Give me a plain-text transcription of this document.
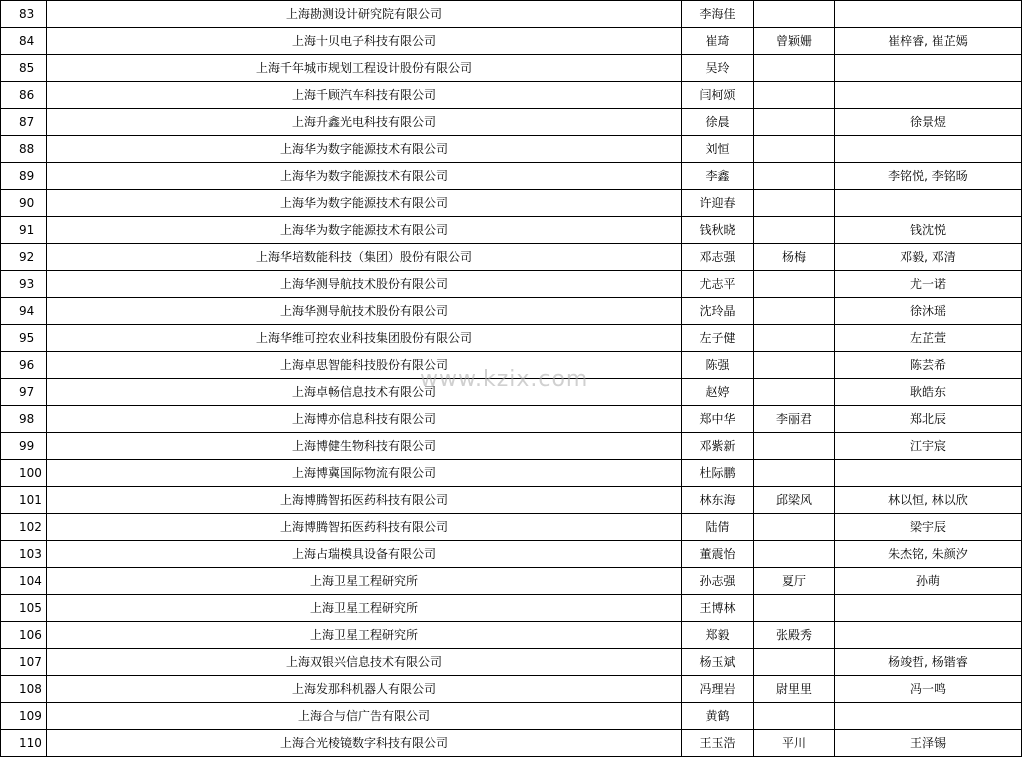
83	上海勘测设计研究院有限公司	李海佳		
84	上海十贝电子科技有限公司	崔琦	曾颖姗	崔梓睿, 崔芷嫣
85	上海千年城市规划工程设计股份有限公司	吴玲		
86	上海千顾汽车科技有限公司	闫柯颂		
87	上海升鑫光电科技有限公司	徐晨		徐景煜
88	上海华为数字能源技术有限公司	刘恒		
89	上海华为数字能源技术有限公司	李鑫		李铭悦, 李铭旸
90	上海华为数字能源技术有限公司	许迎春		
91	上海华为数字能源技术有限公司	钱秋晓		钱沈悦
92	上海华培数能科技（集团）股份有限公司	邓志强	杨梅	邓毅, 邓清
93	上海华测导航技术股份有限公司	尤志平		尤一诺
94	上海华测导航技术股份有限公司	沈玲晶		徐沐瑶
95	上海华维可控农业科技集团股份有限公司	左子健		左芷萱
96	上海卓思智能科技股份有限公司	陈强		陈芸希
97	上海卓畅信息技术有限公司	赵婷		耿皓东
98	上海博亦信息科技有限公司	郑中华	李丽君	郑北辰
99	上海博健生物科技有限公司	邓紫新		江宇宸
100	上海博冀国际物流有限公司	杜际鹏		
101	上海博腾智拓医药科技有限公司	林东海	邱梁风	林以恒, 林以欣
102	上海博腾智拓医药科技有限公司	陆倩		梁宇辰
103	上海占瑞模具设备有限公司	董震怡		朱杰铭, 朱颜汐
104	上海卫星工程研究所	孙志强	夏厅	孙萌
105	上海卫星工程研究所	王博林		
106	上海卫星工程研究所	郑毅	张殿秀	
107	上海双银兴信息技术有限公司	杨玉斌		杨竣哲, 杨锴睿
108	上海发那科机器人有限公司	冯理岩	尉里里	冯一鸣
109	上海合与信广告有限公司	黄鹤		
110	上海合光棱镜数字科技有限公司	王玉浩	平川	王泽锡
www.kzix.com
